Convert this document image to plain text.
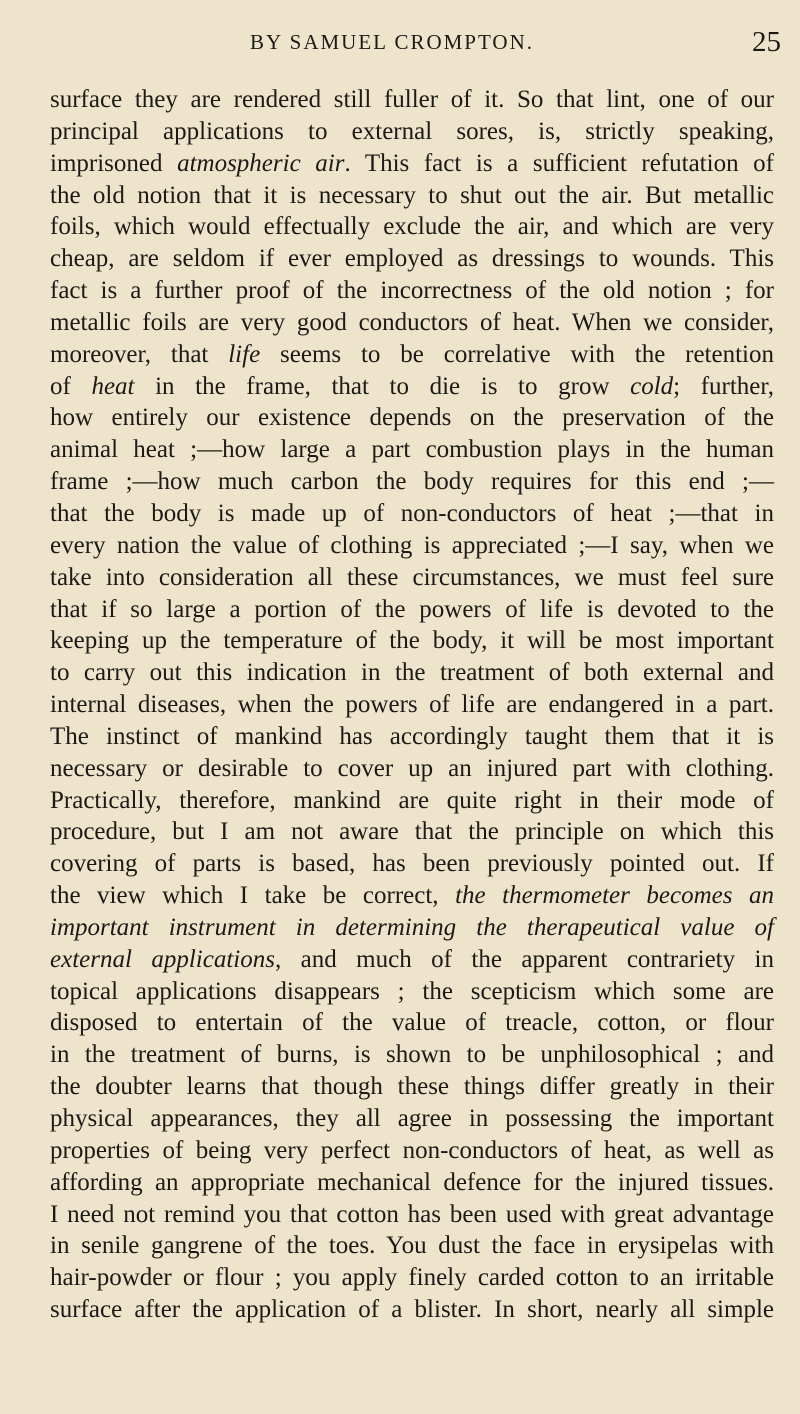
BY SAMUEL CROMPTON.	25
surface they are rendered still fuller of it. So that lint, one of our
principal applications to external sores, is, strictly speaking,
imprisoned atmospheric air. This fact is a sufficient refutation of
the old notion that it is necessary to shut out the air. But metallic
foils, which would effectually exclude the air, and which are very
cheap, are seldom if ever employed as dressings to wounds. This
fact is a further proof of the incorrectness of the old notion ; for
metallic foils are very good conductors of heat. When we consider,
moreover, that life seems to be correlative with the retention
of heat in the frame, that to die is to grow cold; further,
how entirely our existence depends on the preservation of the
animal heat ;—how large a part combustion plays in the human
frame ;—how much carbon the body requires for this end ;—
that the body is made up of non-conductors of heat ;—that in
every nation the value of clothing is appreciated ;—I say, when we
take into consideration all these circumstances, we must feel sure
that if so large a portion of the powers of life is devoted to the
keeping up the temperature of the body, it will be most important
to carry out this indication in the treatment of both external and
internal diseases, when the powers of life are endangered in a part.
The instinct of mankind has accordingly taught them that it is
necessary or desirable to cover up an injured part with clothing.
Practically, therefore, mankind are quite right in their mode of
procedure, but I am not aware that the principle on which this
covering of parts is based, has been previously pointed out. If
the view which I take be correct, the thermometer becomes an
important instrument in determining the therapeutical value of
external applications, and much of the apparent contrariety in
topical applications disappears ; the scepticism which some are
disposed to entertain of the value of treacle, cotton, or flour
in the treatment of burns, is shown to be unphilosophical ; and
the doubter learns that though these things differ greatly in their
physical appearances, they all agree in possessing the important
properties of being very perfect non-conductors of heat, as well as
affording an appropriate mechanical defence for the injured tissues.
I need not remind you that cotton has been used with great advantage
in senile gangrene of the toes. You dust the face in erysipelas with
hair-powder or flour ; you apply finely carded cotton to an irritable
surface after the application of a blister. In short, nearly all simple
